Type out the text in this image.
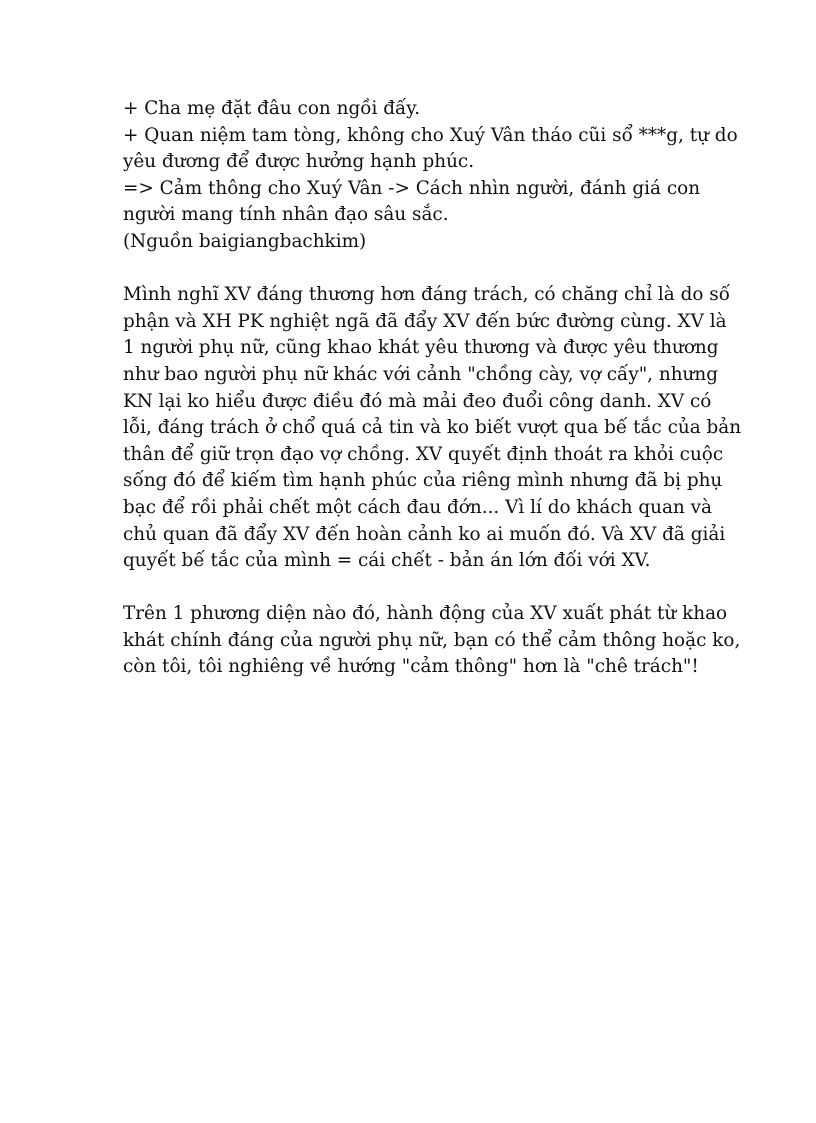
+ Cha mẹ đặt đâu con ngồi đấy.
+ Quan niệm tam tòng, không cho Xuý Vân tháo cũi sổ ***g, tự do
yêu đương để được hưởng hạnh phúc.
=> Cảm thông cho Xuý Vân -> Cách nhìn người, đánh giá con
người mang tính nhân đạo sâu sắc.
(Nguồn baigiangbachkim)
Mình nghĩ XV đáng thương hơn đáng trách, có chăng chỉ là do số
phận và XH PK nghiệt ngã đã đẩy XV đến bức đường cùng. XV là
1 người phụ nữ, cũng khao khát yêu thương và được yêu thương
như bao người phụ nữ khác với cảnh "chồng cày, vợ cấy", nhưng
KN lại ko hiểu được điều đó mà mải đeo đuổi công danh. XV có
lỗi, đáng trách ở chổ quá cả tin và ko biết vượt qua bế tắc của bản
thân để giữ trọn đạo vợ chồng. XV quyết định thoát ra khỏi cuộc
sống đó để kiếm tìm hạnh phúc của riêng mình nhưng đã bị phụ
bạc để rồi phải chết một cách đau đớn... Vì lí do khách quan và
chủ quan đã đẩy XV đến hoàn cảnh ko ai muốn đó. Và XV đã giải
quyết bế tắc của mình = cái chết - bản án lớn đối với XV.
Trên 1 phương diện nào đó, hành động của XV xuất phát từ khao
khát chính đáng của người phụ nữ, bạn có thể cảm thông hoặc ko,
còn tôi, tôi nghiêng về hướng "cảm thông" hơn là "chê trách"!
